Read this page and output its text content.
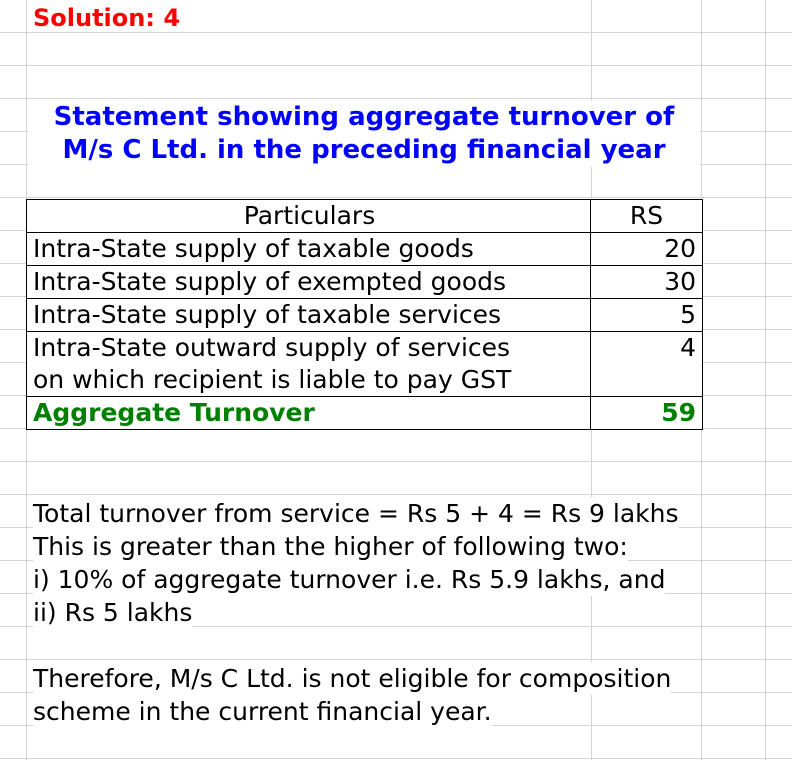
Solution: 4
Statement showing aggregate turnover of
M/s C Ltd. in the preceding financial year
Particulars	RS
Intra-State supply of taxable goods	20
Intra-State supply of exempted goods	30
Intra-State supply of taxable services	5

Intra-State outward supply of services
on which recipient is liable to pay GST	4
Aggregate Turnover	59
Total turnover from service = Rs 5 + 4 = Rs 9 lakhs
This is greater than the higher of following two:
i) 10% of aggregate turnover i.e. Rs 5.9 lakhs, and
ii) Rs 5 lakhs
Therefore, M/s C Ltd. is not eligible for composition
scheme in the current financial year.
